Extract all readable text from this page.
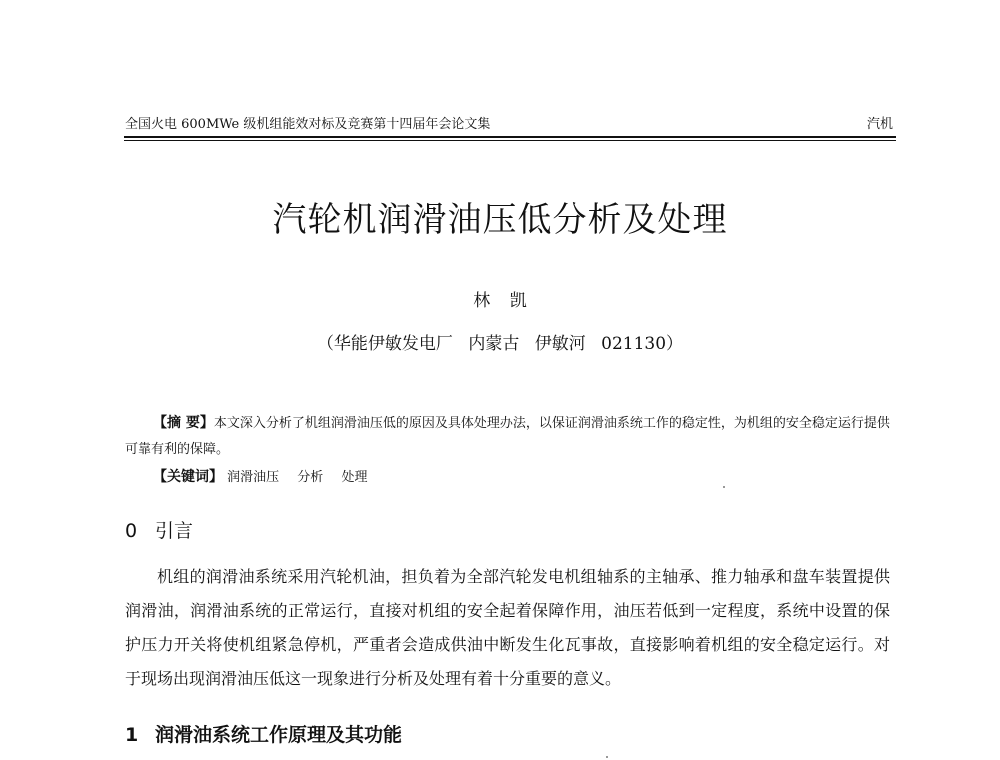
全国火电 600MWe 级机组能效对标及竞赛第十四届年会论文集	汽机
汽轮机润滑油压低分析及处理
林 凯
（华能伊敏发电厂 内蒙古 伊敏河 021130）

【摘 要】本文深入分析了机组润滑油压低的原因及具体处理办法，以保证润滑油系统工作的稳定性，为机组的安全稳定运行提供可靠有利的保障。

【关键词】 润滑油压 分析 处理
0 引言

机组的润滑油系统采用汽轮机油，担负着为全部汽轮发电机组轴系的主轴承、推力轴承和盘车装置提供润滑油，润滑油系统的正常运行，直接对机组的安全起着保障作用，油压若低到一定程度，系统中设置的保护压力开关将使机组紧急停机，严重者会造成供油中断发生化瓦事故，直接影响着机组的安全稳定运行。对于现场出现润滑油压低这一现象进行分析及处理有着十分重要的意义。

1 润滑油系统工作原理及其功能
